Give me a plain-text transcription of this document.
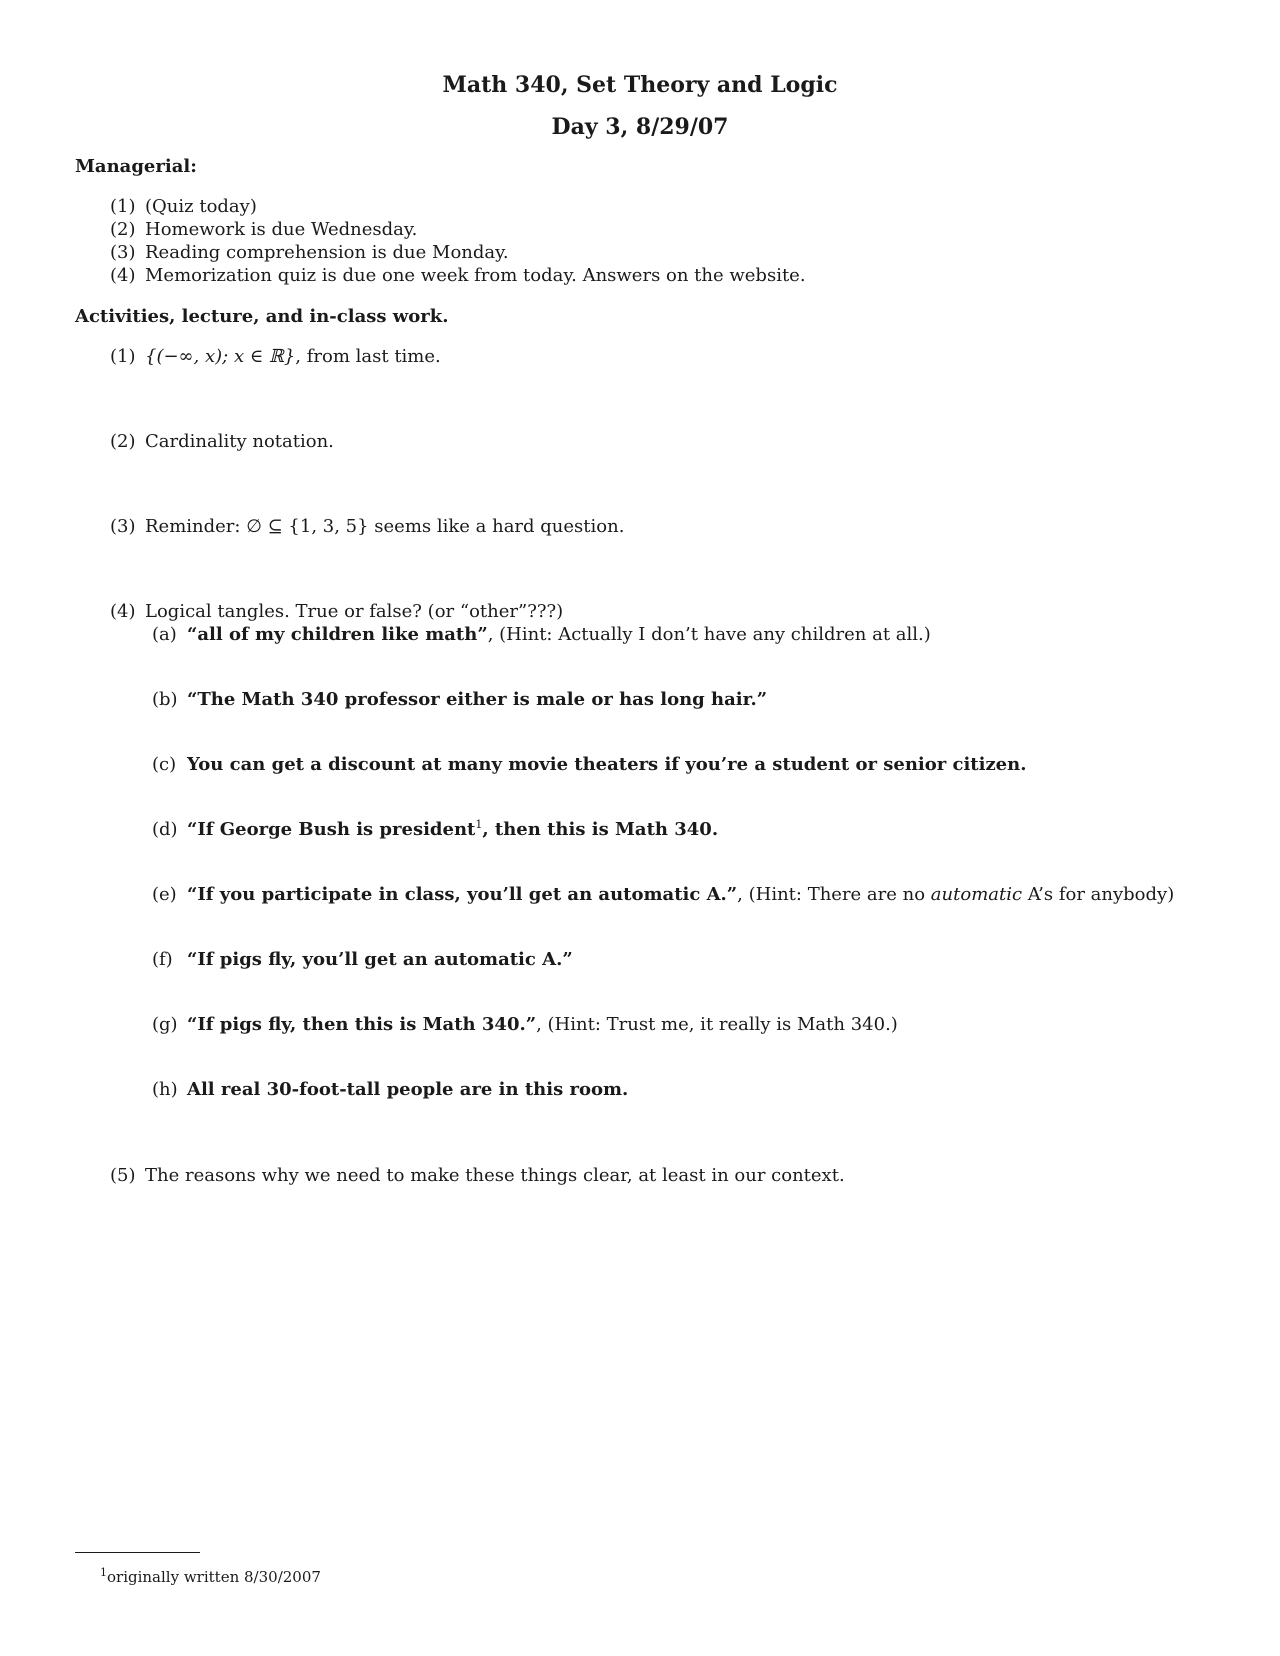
Math 340, Set Theory and Logic
Day 3, 8/29/07
Managerial:
(1) (Quiz today)
(2) Homework is due Wednesday.
(3) Reading comprehension is due Monday.
(4) Memorization quiz is due one week from today. Answers on the website.
Activities, lecture, and in-class work.
(1) {(−∞, x); x ∈ ℝ}, from last time.
(2) Cardinality notation.
(3) Reminder: ∅ ⊆ {1, 3, 5} seems like a hard question.
(4) Logical tangles. True or false? (or “other”???)
(a) “all of my children like math”, (Hint: Actually I don’t have any children at all.)
(b) “The Math 340 professor either is male or has long hair.”
(c) You can get a discount at many movie theaters if you’re a student or senior citizen.
(d) “If George Bush is president$^1$, then this is Math 340.
(e) “If you participate in class, you’ll get an automatic A.”, (Hint: There are no automatic A’s for anybody)
(f) “If pigs fly, you’ll get an automatic A.”
(g) “If pigs fly, then this is Math 340.”, (Hint: Trust me, it really is Math 340.)
(h) All real 30-foot-tall people are in this room.
(5) The reasons why we need to make these things clear, at least in our context.
$^1$originally written 8/30/2007
